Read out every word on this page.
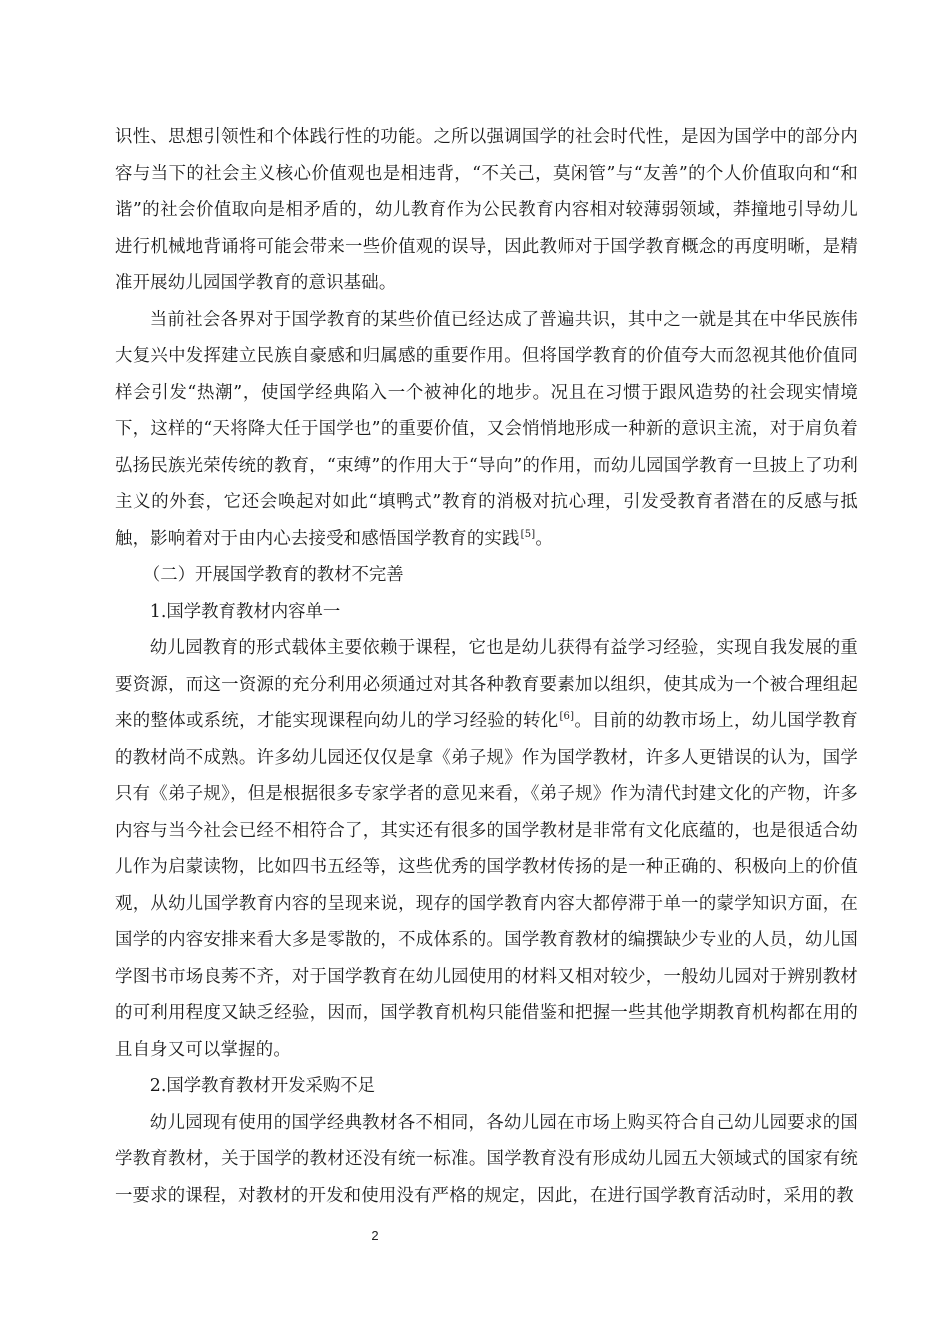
识性、思想引领性和个体践行性的功能。之所以强调国学的社会时代性，是因为国学中的部分内容与当下的社会主义核心价值观也是相违背，“不关己，莫闲管”与“友善”的个人价值取向和“和谐”的社会价值取向是相矛盾的，幼儿教育作为公民教育内容相对较薄弱领域，莽撞地引导幼儿进行机械地背诵将可能会带来一些价值观的误导，因此教师对于国学教育概念的再度明晰，是精准开展幼儿园国学教育的意识基础。

当前社会各界对于国学教育的某些价值已经达成了普遍共识，其中之一就是其在中华民族伟大复兴中发挥建立民族自豪感和归属感的重要作用。但将国学教育的价值夸大而忽视其他价值同样会引发“热潮”，使国学经典陷入一个被神化的地步。况且在习惯于跟风造势的社会现实情境下，这样的“天将降大任于国学也”的重要价值，又会悄悄地形成一种新的意识主流，对于肩负着弘扬民族光荣传统的教育，“束缚”的作用大于“导向”的作用，而幼儿园国学教育一旦披上了功利主义的外套，它还会唤起对如此“填鸭式”教育的消极对抗心理，引发受教育者潜在的反感与抵触，影响着对于由内心去接受和感悟国学教育的实践[5]。

（二）开展国学教育的教材不完善

1.国学教育教材内容单一

幼儿园教育的形式载体主要依赖于课程，它也是幼儿获得有益学习经验，实现自我发展的重要资源，而这一资源的充分利用必须通过对其各种教育要素加以组织，使其成为一个被合理组起来的整体或系统，才能实现课程向幼儿的学习经验的转化[6]。目前的幼教市场上，幼儿国学教育的教材尚不成熟。许多幼儿园还仅仅是拿《弟子规》作为国学教材，许多人更错误的认为，国学只有《弟子规》，但是根据很多专家学者的意见来看，《弟子规》作为清代封建文化的产物，许多内容与当今社会已经不相符合了，其实还有很多的国学教材是非常有文化底蕴的，也是很适合幼儿作为启蒙读物，比如四书五经等，这些优秀的国学教材传扬的是一种正确的、积极向上的价值观，从幼儿国学教育内容的呈现来说，现存的国学教育内容大都停滞于单一的蒙学知识方面，在国学的内容安排来看大多是零散的，不成体系的。国学教育教材的编撰缺少专业的人员，幼儿国学图书市场良莠不齐，对于国学教育在幼儿园使用的材料又相对较少，一般幼儿园对于辨别教材的可利用程度又缺乏经验，因而，国学教育机构只能借鉴和把握一些其他学期教育机构都在用的且自身又可以掌握的。

2.国学教育教材开发采购不足

幼儿园现有使用的国学经典教材各不相同，各幼儿园在市场上购买符合自己幼儿园要求的国学教育教材，关于国学的教材还没有统一标准。国学教育没有形成幼儿园五大领域式的国家有统一要求的课程，对教材的开发和使用没有严格的规定，因此，在进行国学教育活动时，采用的教

2
